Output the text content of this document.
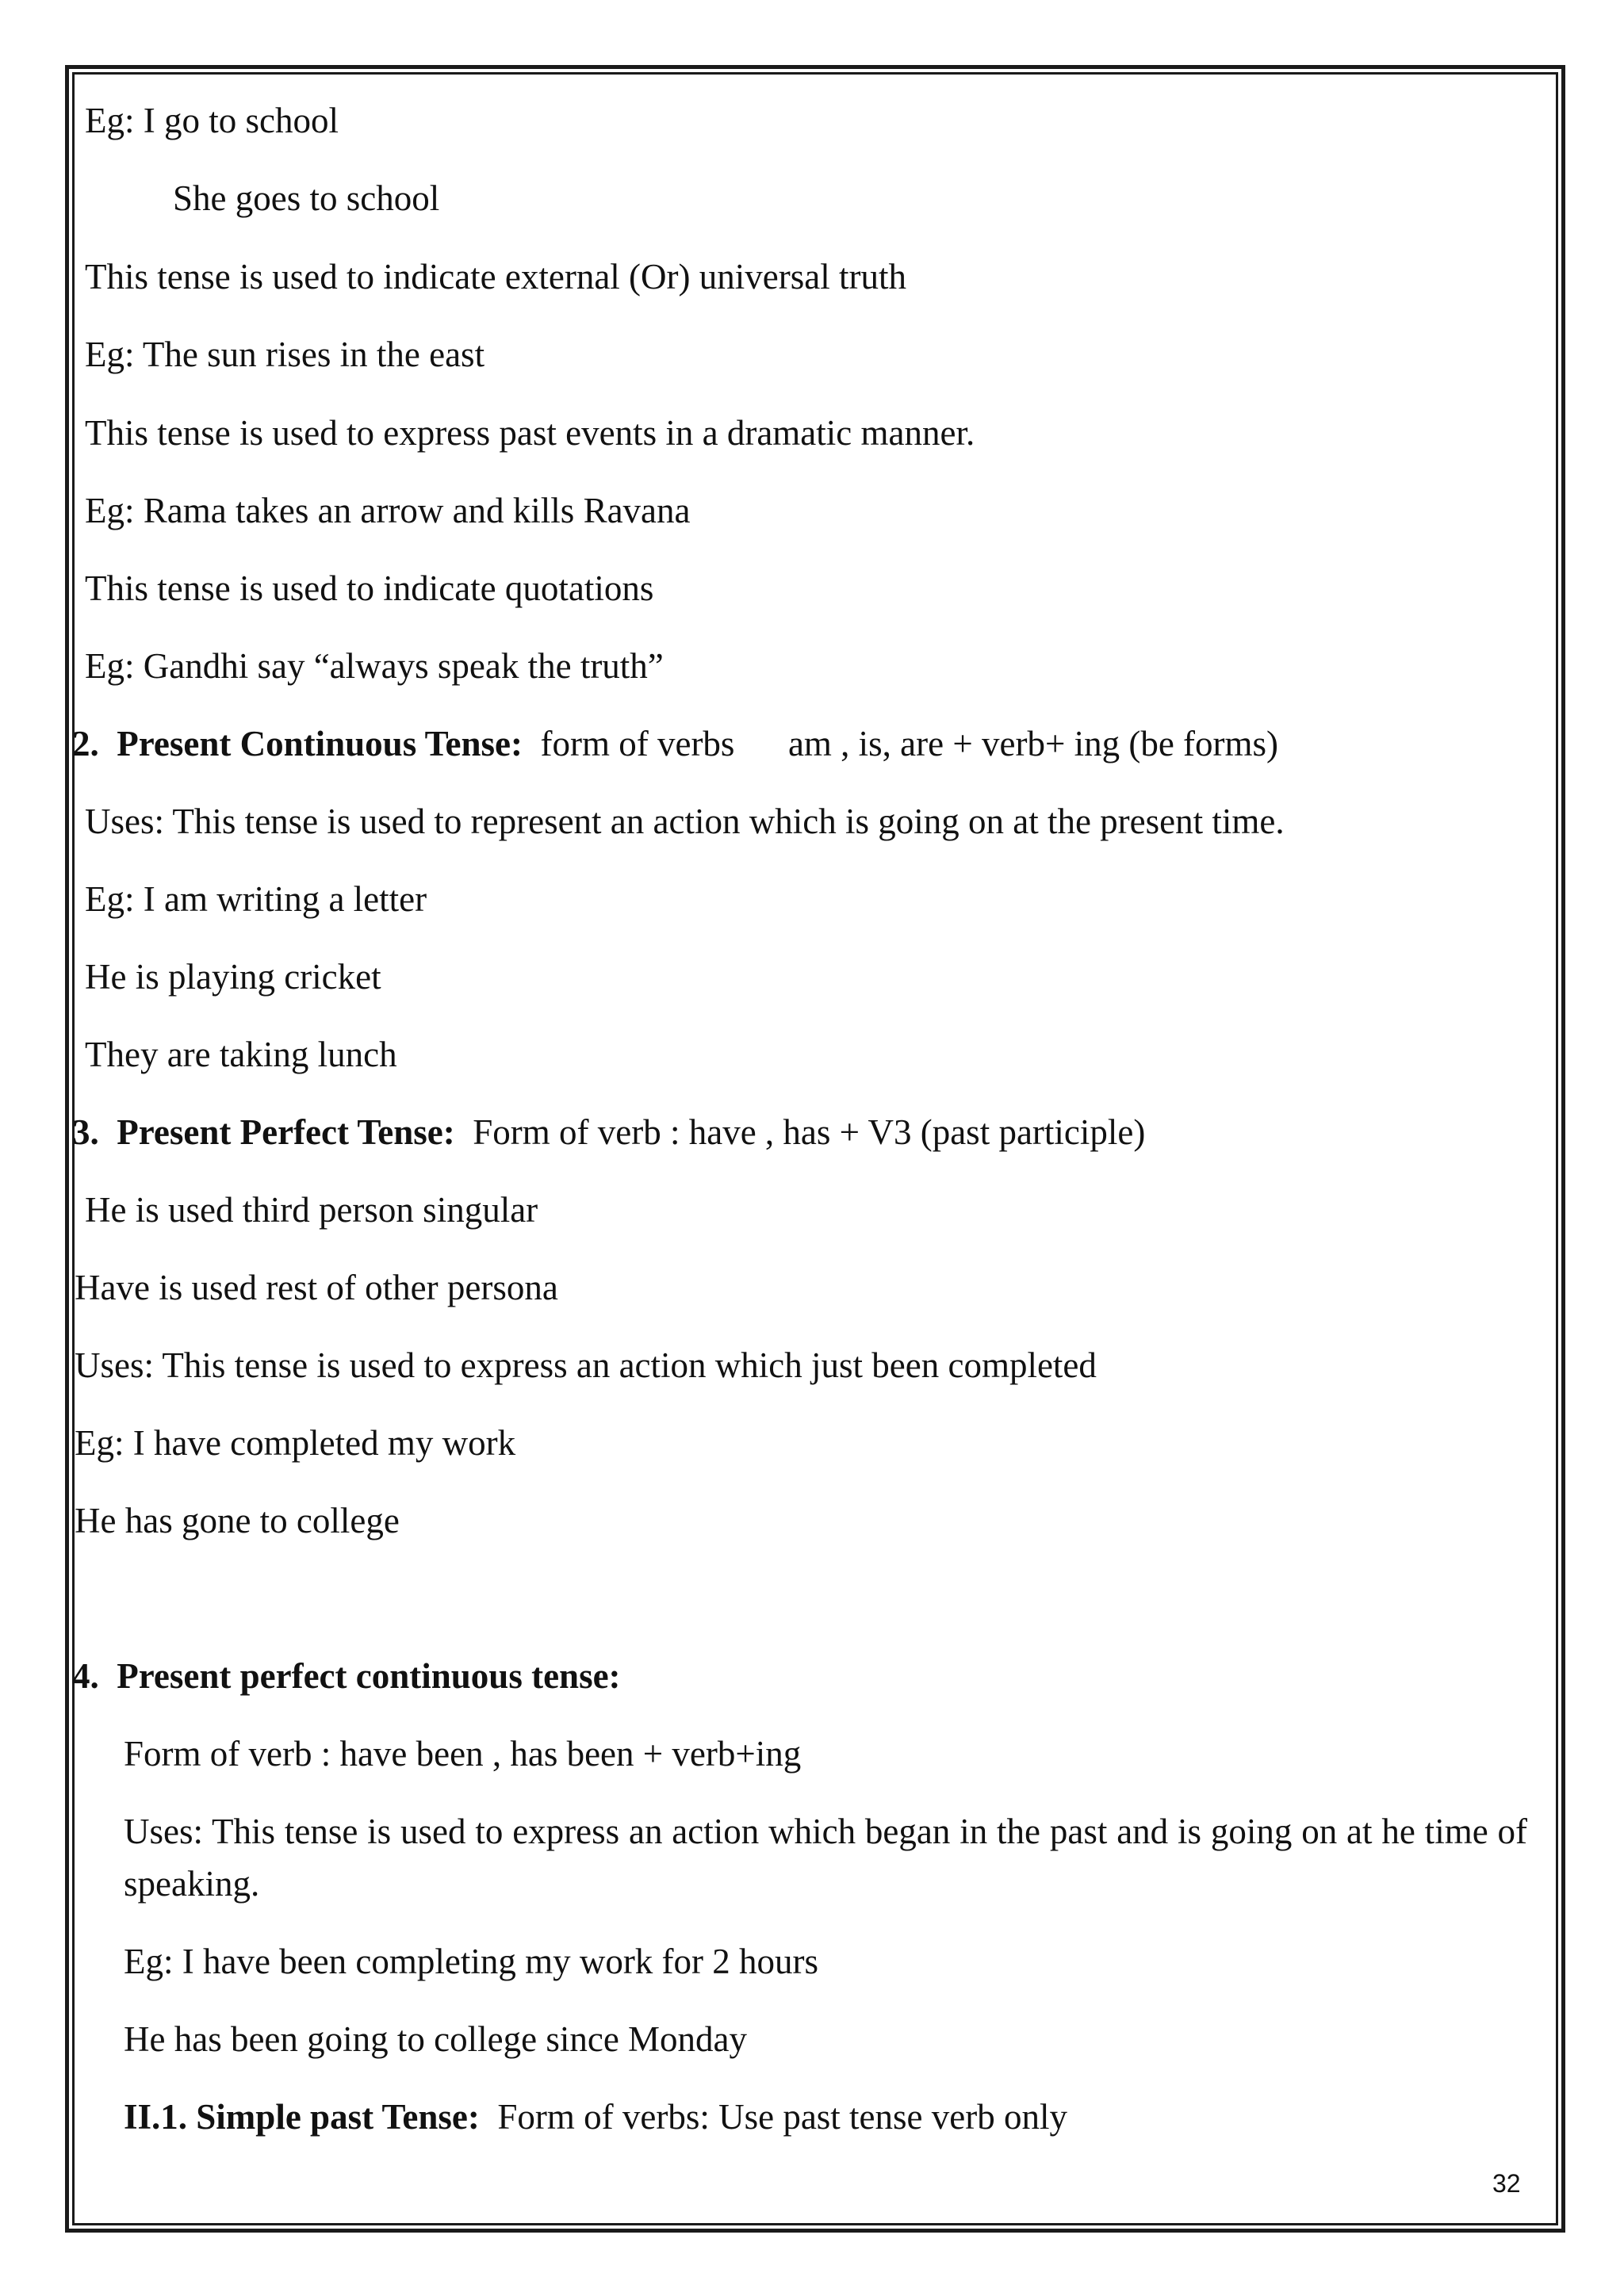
Eg: I go to school
She goes to school
This tense is used to indicate external (Or) universal truth
Eg: The sun rises in the east
This tense is used to express past events in a dramatic manner.
Eg: Rama takes an arrow and kills Ravana
This tense is used to indicate quotations
Eg: Gandhi say “always speak the truth”
2. Present Continuous Tense: form of verbs      am , is, are + verb+ ing (be forms)
Uses: This tense is used to represent an action which is going on at the present time.
Eg: I am writing a letter
He is playing cricket
They are taking lunch
3. Present Perfect Tense: Form of verb : have , has + V3 (past participle)
He is used third person singular
Have is used rest of other persona
Uses: This tense is used to express an action which just been completed
Eg: I have completed my work
He has gone to college
4. Present perfect continuous tense:
Form of verb : have been , has been + verb+ing
Uses: This tense is used to express an action which began in the past and is going on at he time of speaking.
Eg: I have been completing my work for 2 hours
He has been going to college since Monday
II.1. Simple past Tense: Form of verbs: Use past tense verb only
32
